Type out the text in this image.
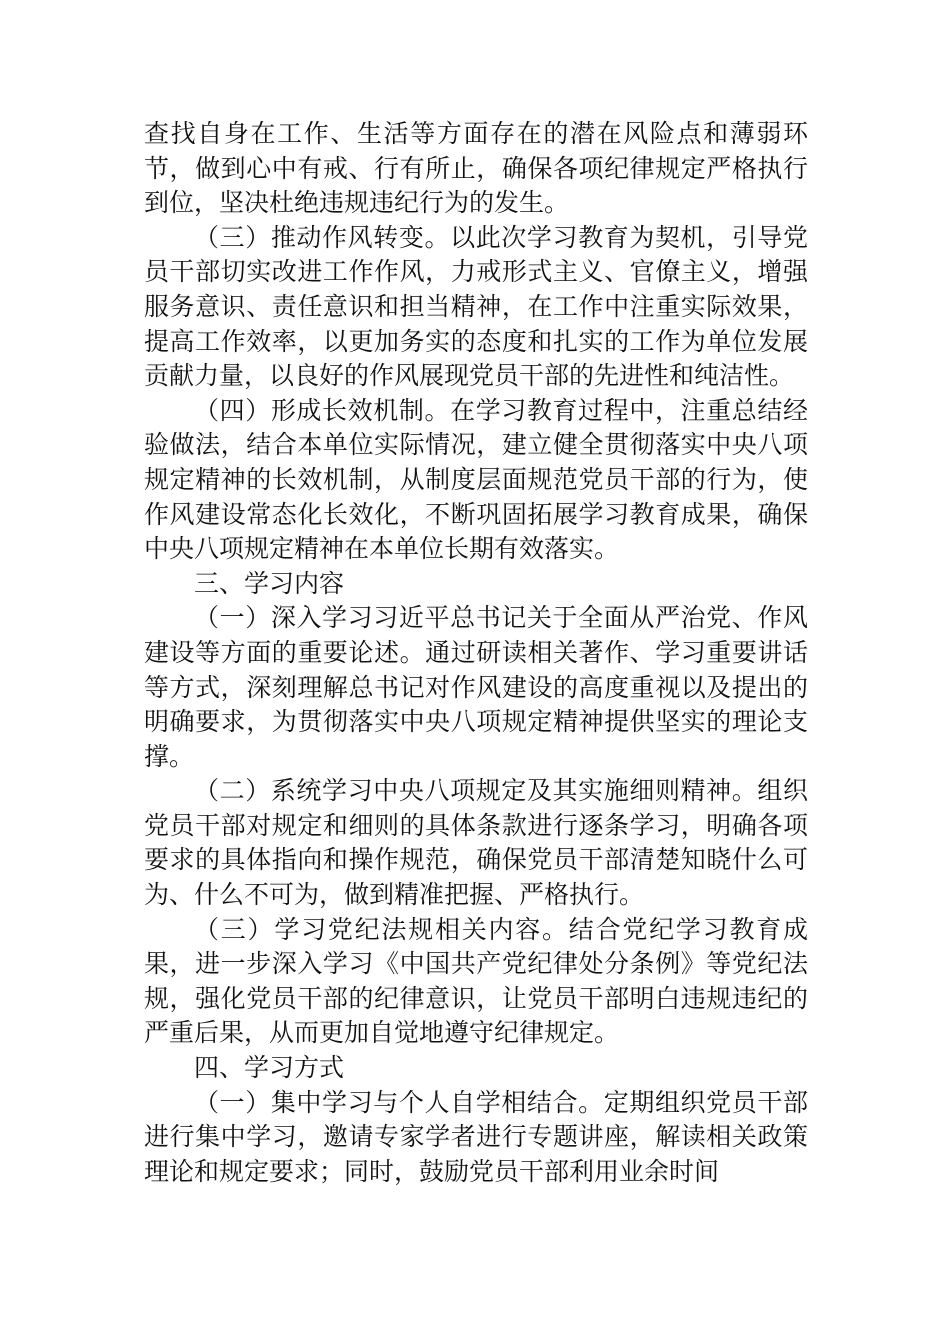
查找自身在工作、生活等方面存在的潜在风险点和薄弱环节，做到心中有戒、行有所止，确保各项纪律规定严格执行到位，坚决杜绝违规违纪行为的发生。

（三）推动作风转变。以此次学习教育为契机，引导党员干部切实改进工作作风，力戒形式主义、官僚主义，增强服务意识、责任意识和担当精神，在工作中注重实际效果，提高工作效率，以更加务实的态度和扎实的工作为单位发展贡献力量，以良好的作风展现党员干部的先进性和纯洁性。

（四）形成长效机制。在学习教育过程中，注重总结经验做法，结合本单位实际情况，建立健全贯彻落实中央八项规定精神的长效机制，从制度层面规范党员干部的行为，使作风建设常态化长效化，不断巩固拓展学习教育成果，确保中央八项规定精神在本单位长期有效落实。

三、学习内容

（一）深入学习习近平总书记关于全面从严治党、作风建设等方面的重要论述。通过研读相关著作、学习重要讲话等方式，深刻理解总书记对作风建设的高度重视以及提出的明确要求，为贯彻落实中央八项规定精神提供坚实的理论支撑。

（二）系统学习中央八项规定及其实施细则精神。组织党员干部对规定和细则的具体条款进行逐条学习，明确各项要求的具体指向和操作规范，确保党员干部清楚知晓什么可为、什么不可为，做到精准把握、严格执行。

（三）学习党纪法规相关内容。结合党纪学习教育成果，进一步深入学习《中国共产党纪律处分条例》等党纪法规，强化党员干部的纪律意识，让党员干部明白违规违纪的严重后果，从而更加自觉地遵守纪律规定。

四、学习方式

（一）集中学习与个人自学相结合。定期组织党员干部进行集中学习，邀请专家学者进行专题讲座，解读相关政策理论和规定要求；同时，鼓励党员干部利用业余时间
